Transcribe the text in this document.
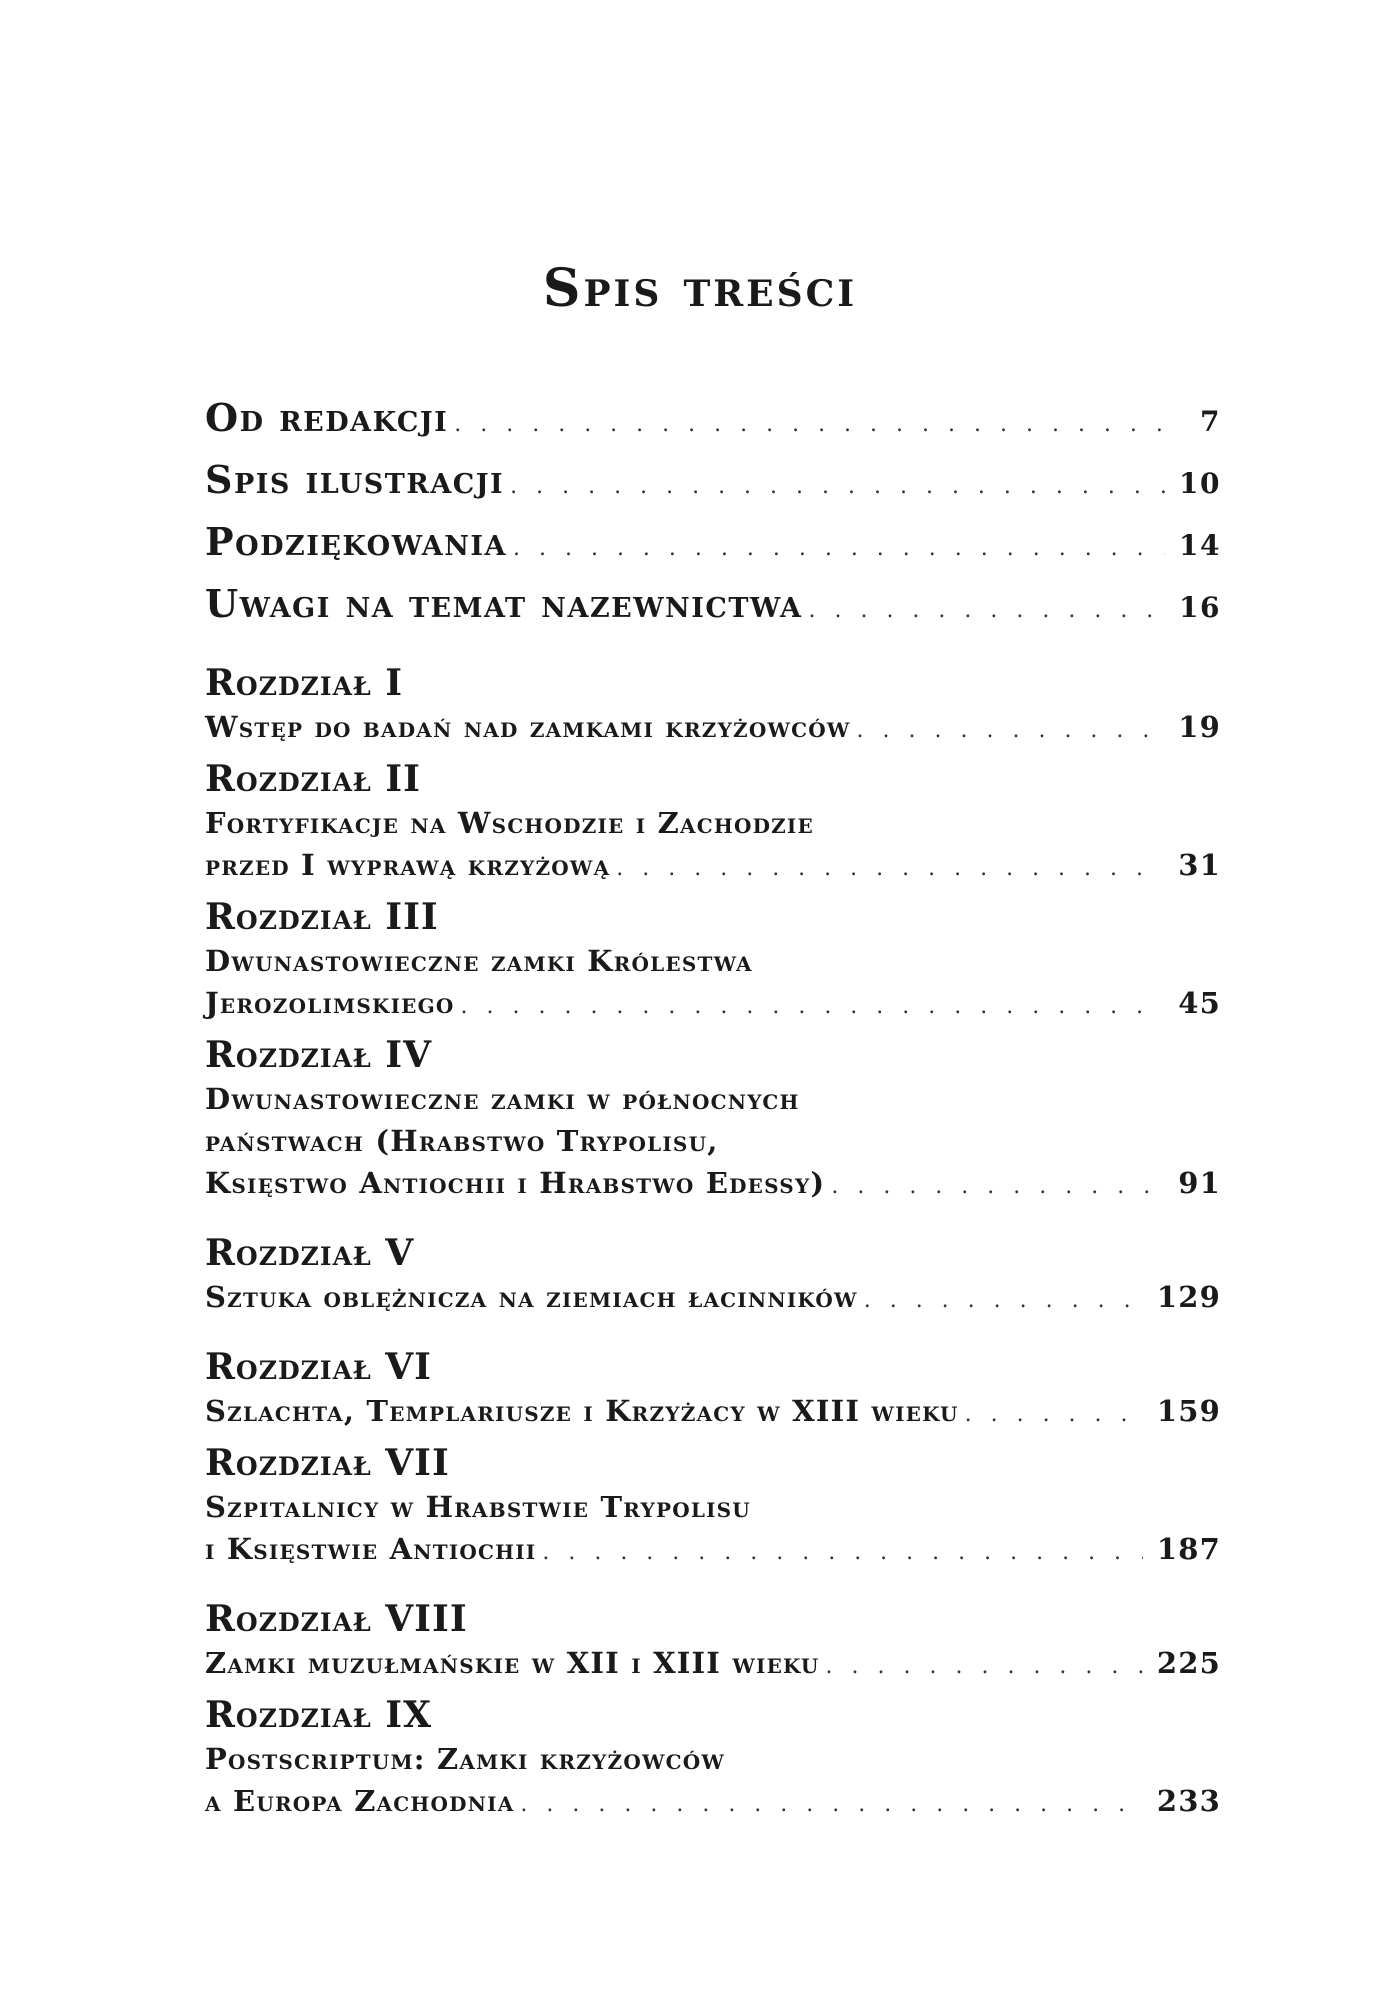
Spis treści
Od redakcji . . .	7
Spis ilustracji . . .	10
Podziękowania . . .	14
Uwagi na temat nazewnictwa . . .	16
Rozdział I
Wstęp do badań nad zamkami krzyżowców . . .	19
Rozdział II
Fortyfikacje na Wschodzie i Zachodzie
przed I wyprawą krzyżową . . .	31
Rozdział III
Dwunastowieczne zamki Królestwa
Jerozolimskiego . . .	45
Rozdział IV
Dwunastowieczne zamki w północnych
państwach (Hrabstwo Trypolisu,
Księstwo Antiochii i Hrabstwo Edessy) . . .	91
Rozdział V
Sztuka oblężnicza na ziemiach łacinników . . .	129
Rozdział VI
Szlachta, Templariusze i Krzyżacy w XIII wieku . . .	159
Rozdział VII
Szpitalnicy w Hrabstwie Trypolisu
i Księstwie Antiochii . . .	187
Rozdział VIII
Zamki muzułmańskie w XII i XIII wieku . . .	225
Rozdział IX
Postscriptum: Zamki krzyżowców
a Europa Zachodnia . . .	233
